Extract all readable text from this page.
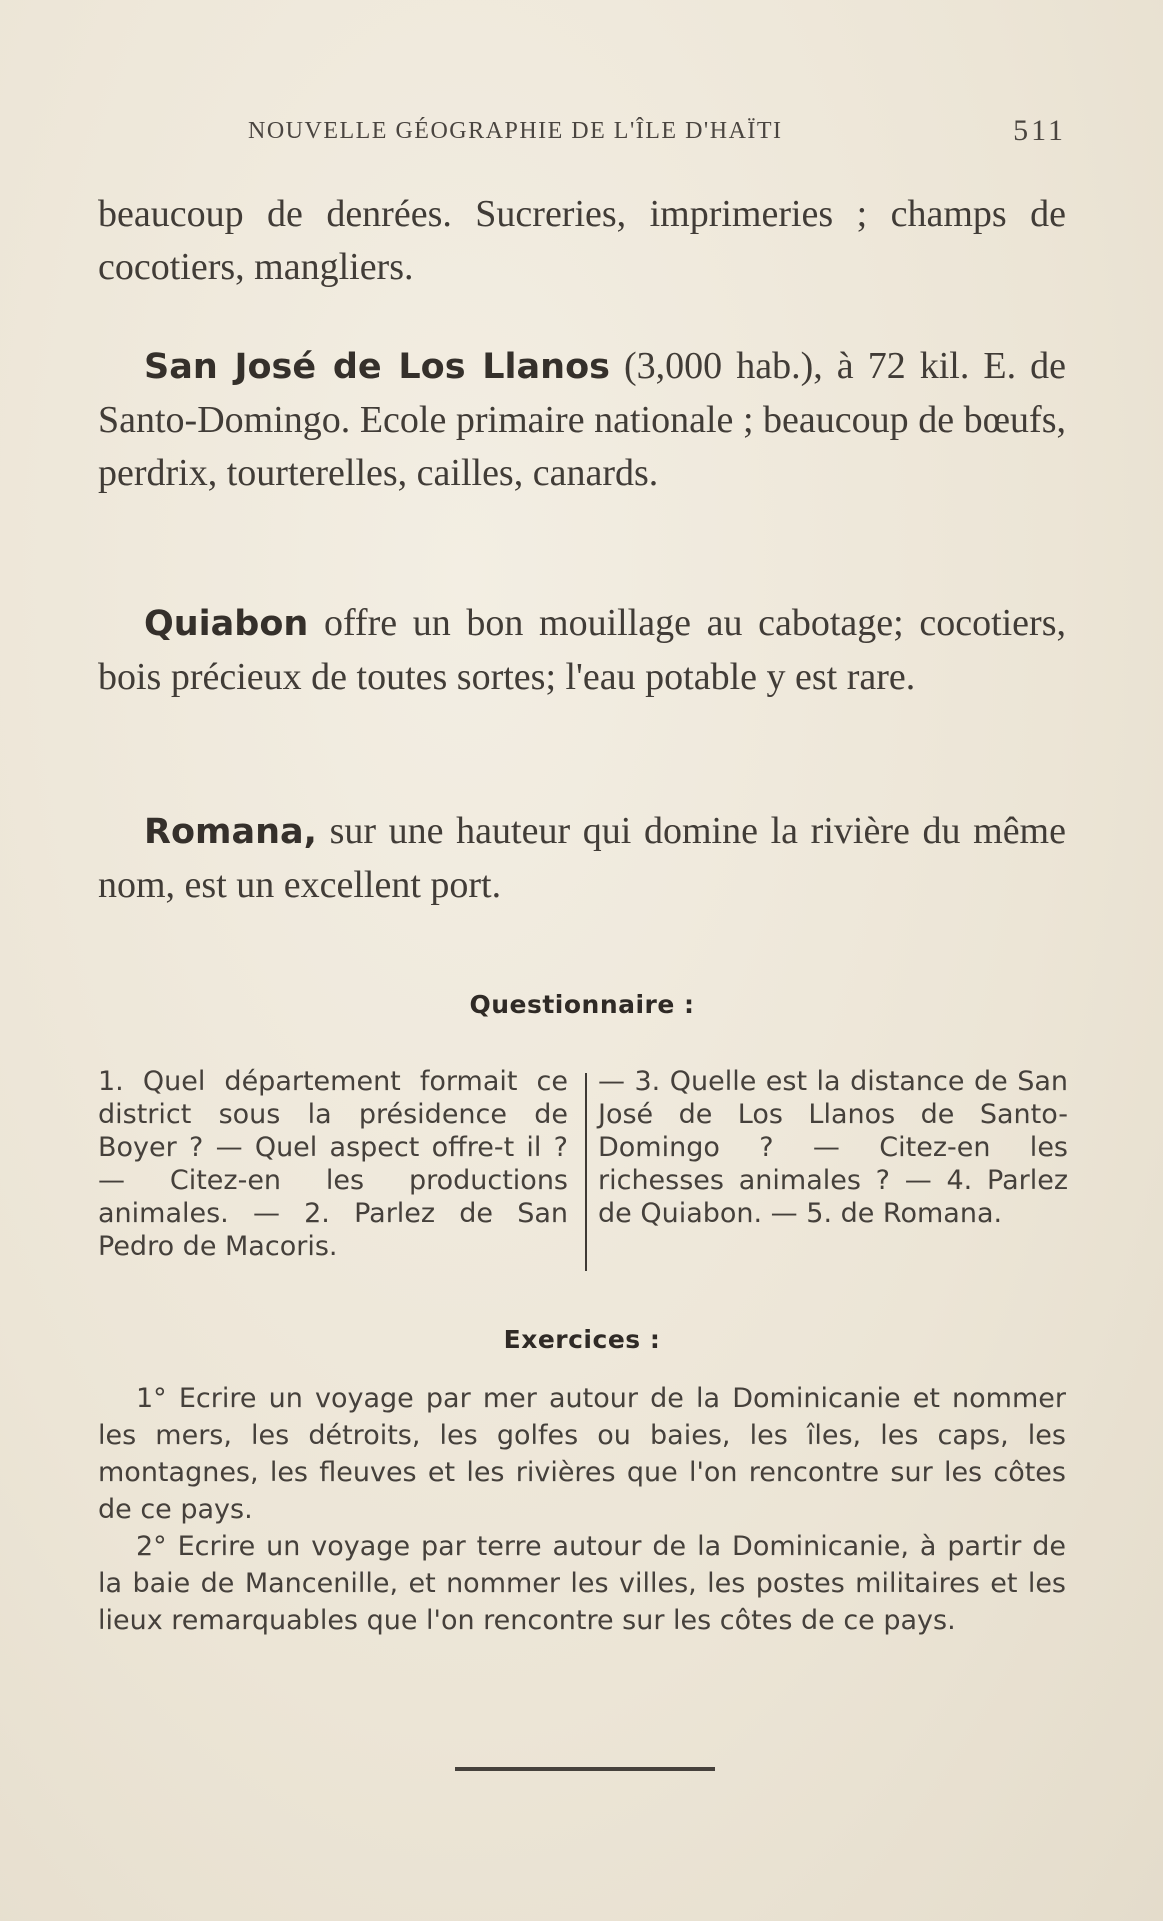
NOUVELLE GÉOGRAPHIE DE L'ÎLE D'HAÏTI	511
beaucoup de denrées. Sucreries, imprimeries ; champs de cocotiers, mangliers.
San José de Los Llanos (3,000 hab.), à 72 kil. E. de Santo-Domingo. Ecole primaire nationale ; beaucoup de bœufs, perdrix, tourterelles, cailles, canards.
Quiabon offre un bon mouillage au cabotage; cocotiers, bois précieux de toutes sortes; l'eau potable y est rare.
Romana, sur une hauteur qui domine la rivière du même nom, est un excellent port.
Questionnaire :
1. Quel département formait ce district sous la présidence de Boyer ? — Quel aspect offre-t il ? — Citez-en les productions animales. — 2. Parlez de San Pedro de Macoris.
— 3. Quelle est la distance de San José de Los Llanos de Santo-Domingo ? — Citez-en les richesses animales ? — 4. Parlez de Quiabon. — 5. de Romana.
Exercices :

1° Ecrire un voyage par mer autour de la Dominicanie et nommer les mers, les détroits, les golfes ou baies, les îles, les caps, les montagnes, les fleuves et les rivières que l'on rencontre sur les côtes de ce pays.

2° Ecrire un voyage par terre autour de la Dominicanie, à partir de la baie de Mancenille, et nommer les villes, les postes militaires et les lieux remarquables que l'on rencontre sur les côtes de ce pays.
